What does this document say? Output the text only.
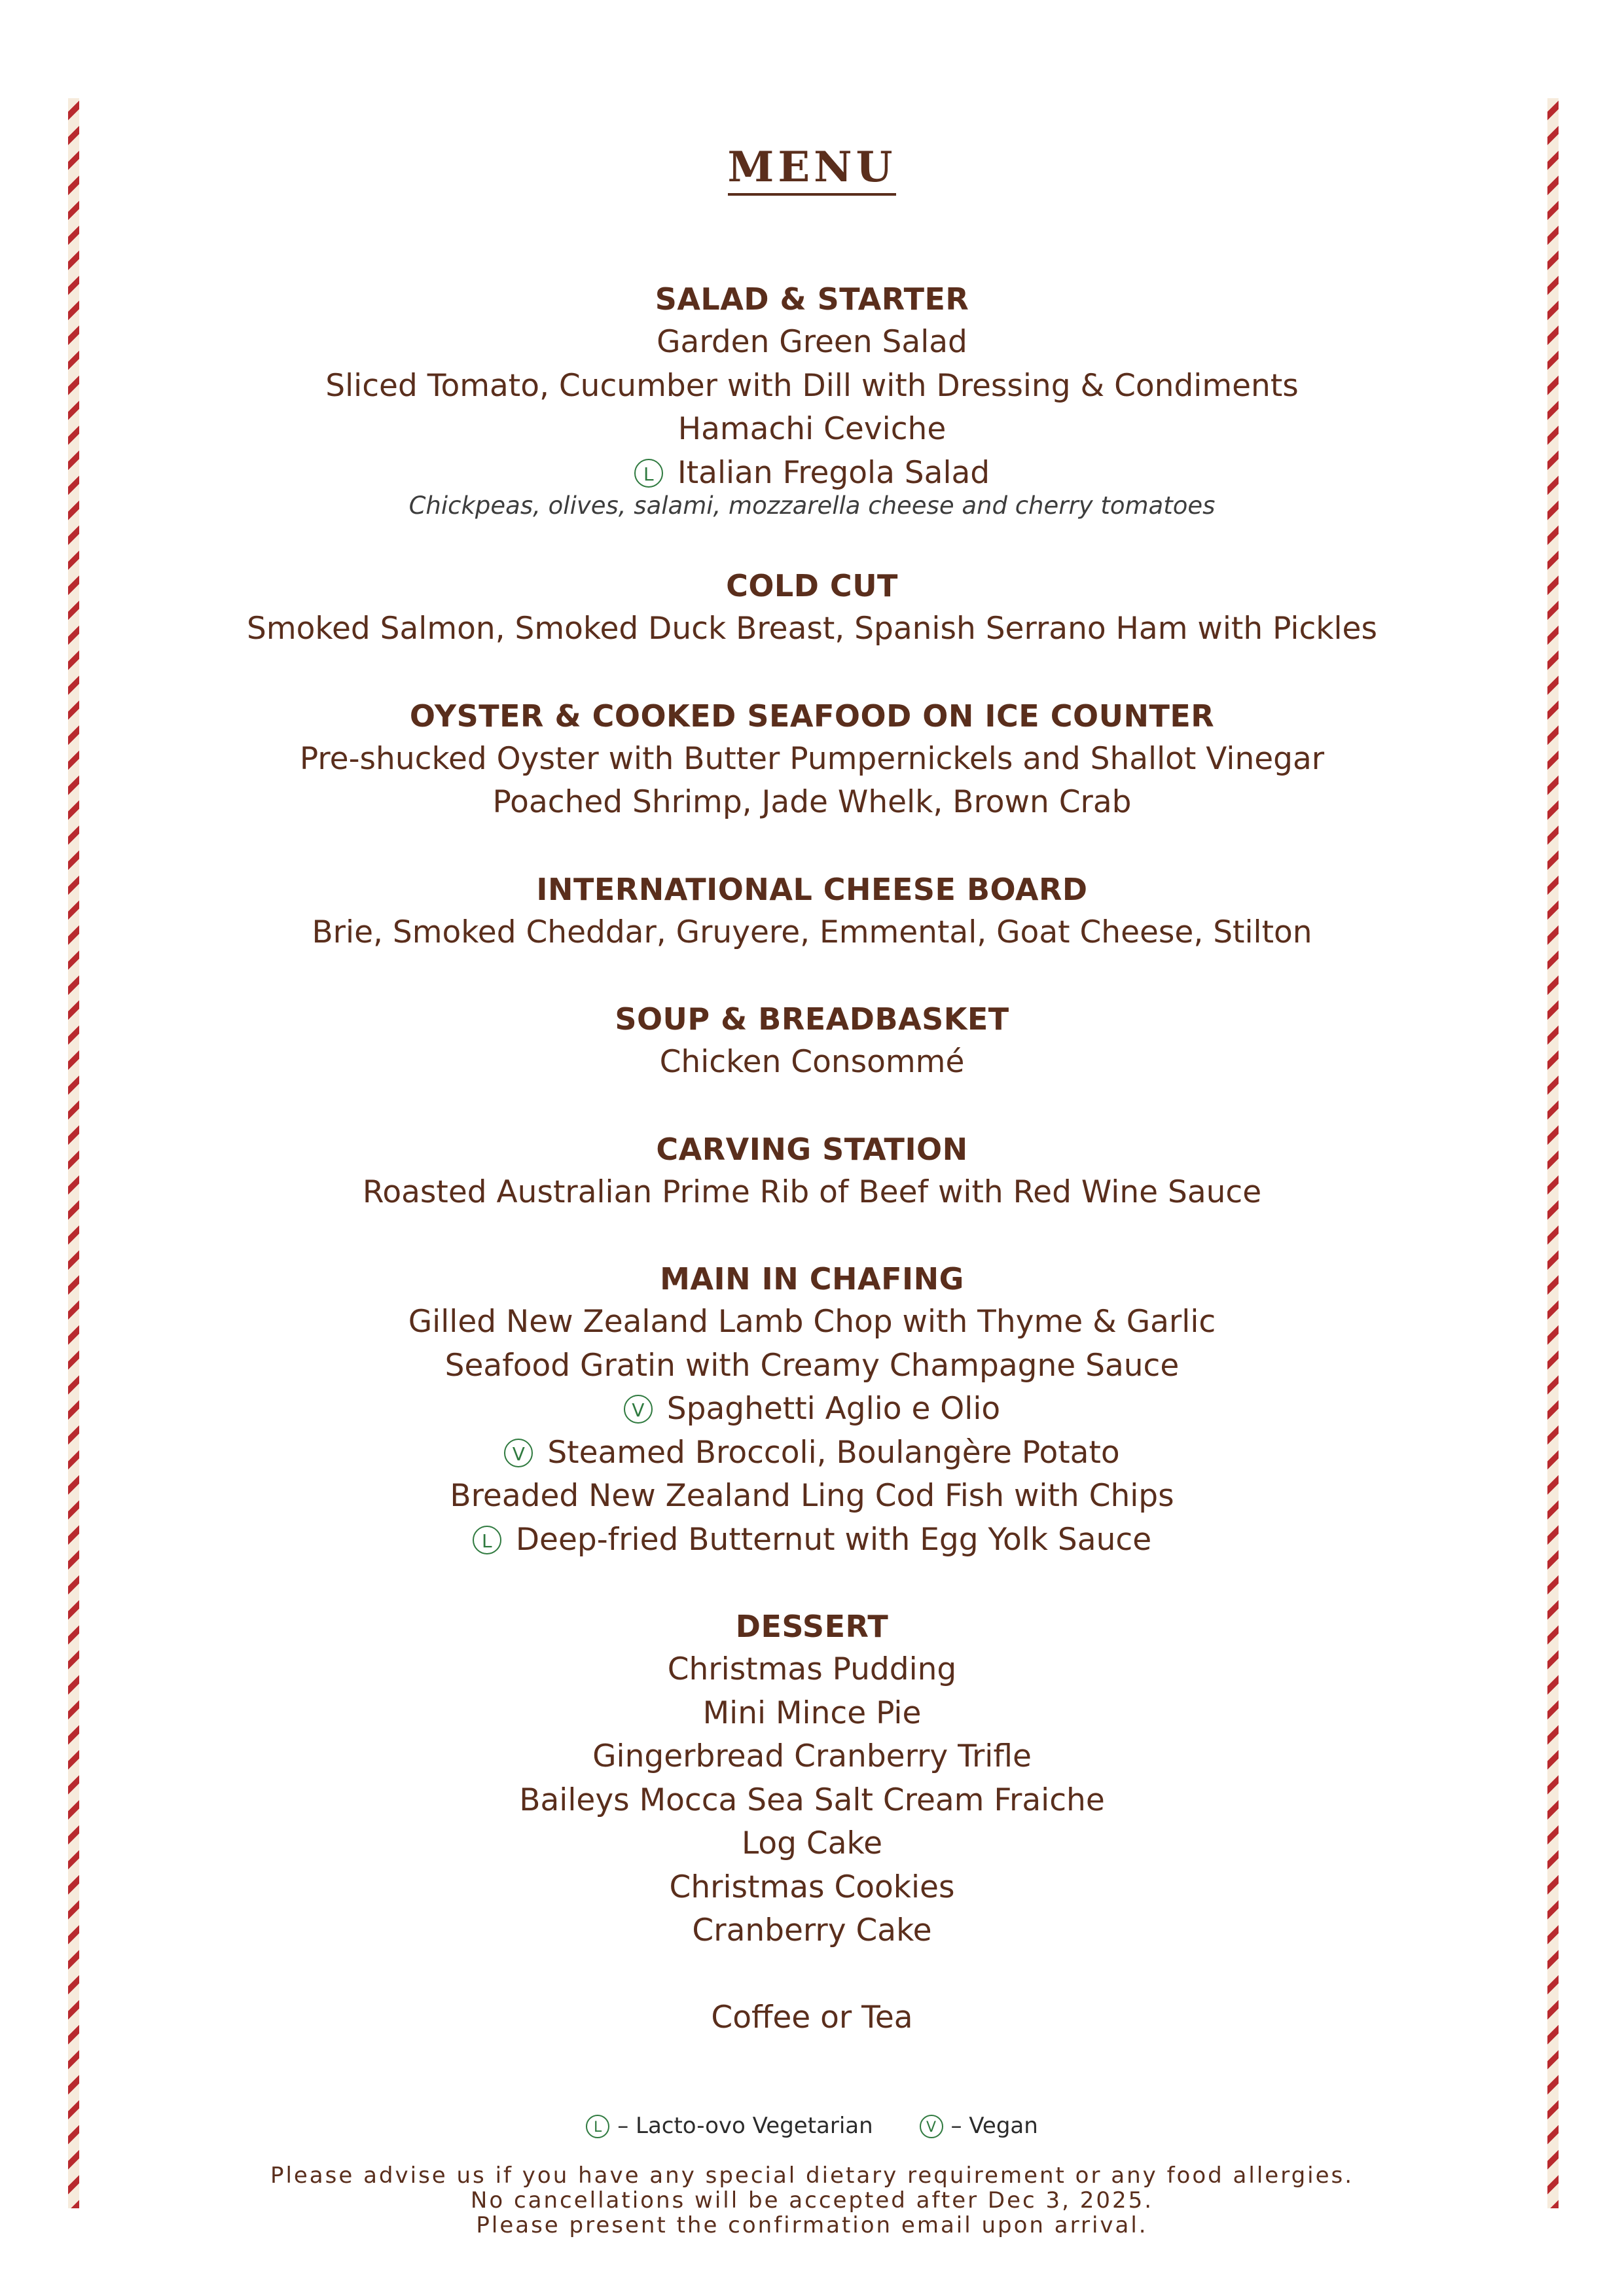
MENU

SALAD & STARTER

Garden Green Salad

Sliced Tomato, Cucumber with Dill with Dressing & Condiments

Hamachi Ceviche

L Italian Fregola Salad

Chickpeas, olives, salami, mozzarella cheese and cherry tomatoes

COLD CUT

Smoked Salmon, Smoked Duck Breast, Spanish Serrano Ham with Pickles

OYSTER & COOKED SEAFOOD ON ICE COUNTER

Pre-shucked Oyster with Butter Pumpernickels and Shallot Vinegar

Poached Shrimp, Jade Whelk, Brown Crab

INTERNATIONAL CHEESE BOARD

Brie, Smoked Cheddar, Gruyere, Emmental, Goat Cheese, Stilton

SOUP & BREADBASKET

Chicken Consommé

CARVING STATION

Roasted Australian Prime Rib of Beef with Red Wine Sauce

MAIN IN CHAFING

Gilled New Zealand Lamb Chop with Thyme & Garlic

Seafood Gratin with Creamy Champagne Sauce

V Spaghetti Aglio e Olio

V Steamed Broccoli, Boulangère Potato

Breaded New Zealand Ling Cod Fish with Chips

L Deep-fried Butternut with Egg Yolk Sauce

DESSERT

Christmas Pudding

Mini Mince Pie

Gingerbread Cranberry Trifle

Baileys Mocca Sea Salt Cream Fraiche

Log Cake

Christmas Cookies

Cranberry Cake

Coffee or Tea

L – Lacto-ovo Vegetarian	V – Vegan

Please advise us if you have any special dietary requirement or any food allergies.

No cancellations will be accepted after Dec 3, 2025.

Please present the confirmation email upon arrival.
